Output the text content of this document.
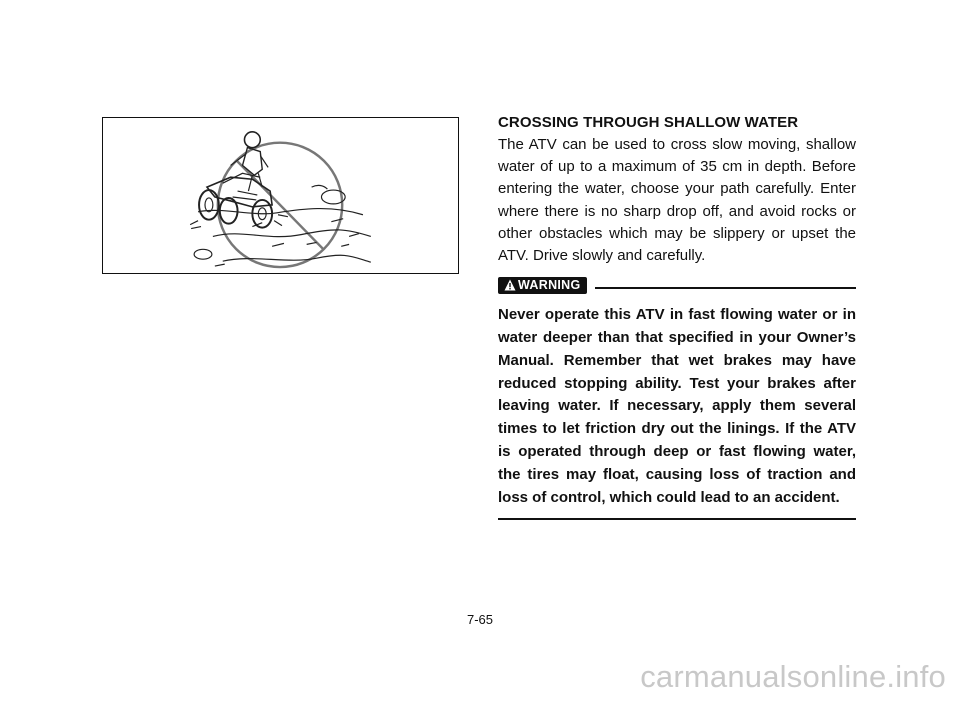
CROSSING THROUGH SHALLOW WATER

The ATV can be used to cross slow moving, shallow water of up to a maximum of 35 cm in depth. Before entering the water, choose your path carefully. Enter where there is no sharp drop off, and avoid rocks or other obstacles which may be slippery or upset the ATV. Drive slowly and carefully.

WARNING

Never operate this ATV in fast flowing water or in water deeper than that specified in your Owner’s Manual. Remember that wet brakes may have reduced stopping ability. Test your brakes after leaving water. If necessary, apply them several times to let friction dry out the linings. If the ATV is operated through deep or fast flowing water, the tires may float, causing loss of traction and loss of control, which could lead to an accident.

7-65
carmanualsonline.info
